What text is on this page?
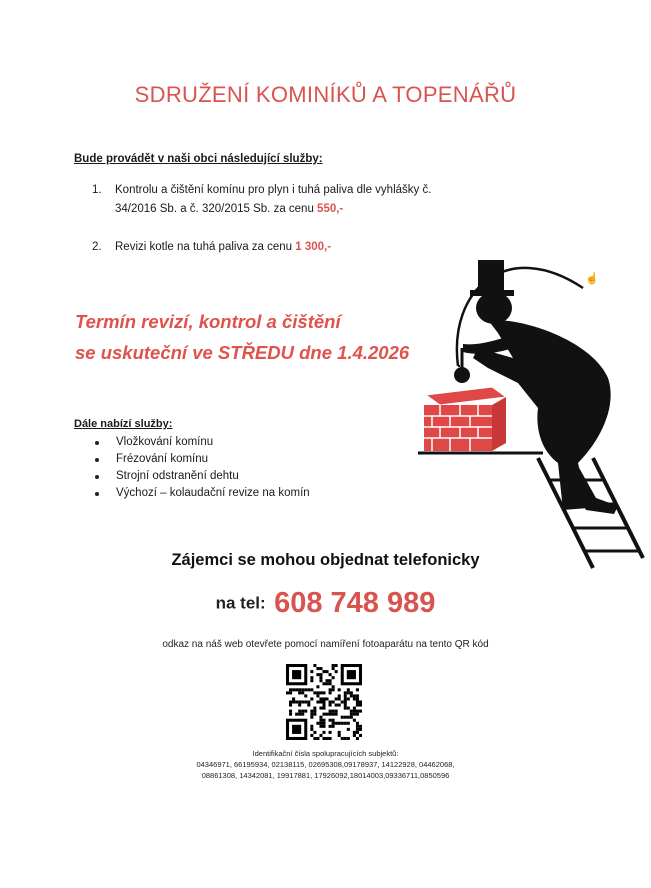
SDRUŽENÍ KOMINÍKŮ A TOPENÁŘŮ
Bude provádět v naši obci následující služby:
1. Kontrolu a čištění komínu pro plyn i tuhá paliva dle vyhlášky č. 34/2016 Sb. a č. 320/2015 Sb. za cenu 550,-
2. Revizi kotle na tuhá paliva za cenu 1 300,-
Termín revizí, kontrol a čištění
se uskuteční ve STŘEDU dne 1.4.2026
☝
Dále nabízí služby:
Vložkování komínu
Frézování komínu
Strojní odstranění dehtu
Výchozí – kolaudační revize na komín
Zájemci se mohou objednat telefonicky
na tel: 608 748 989
odkaz na náš web otevřete pomocí namíření fotoaparátu na tento QR kód
Identifikační čísla spolupracujících subjektů:
04346971, 66195934, 02138115, 02695308,09178937, 14122928, 04462068,
08861308, 14342081, 19917881, 17926092,18014003,09336711,0850596
